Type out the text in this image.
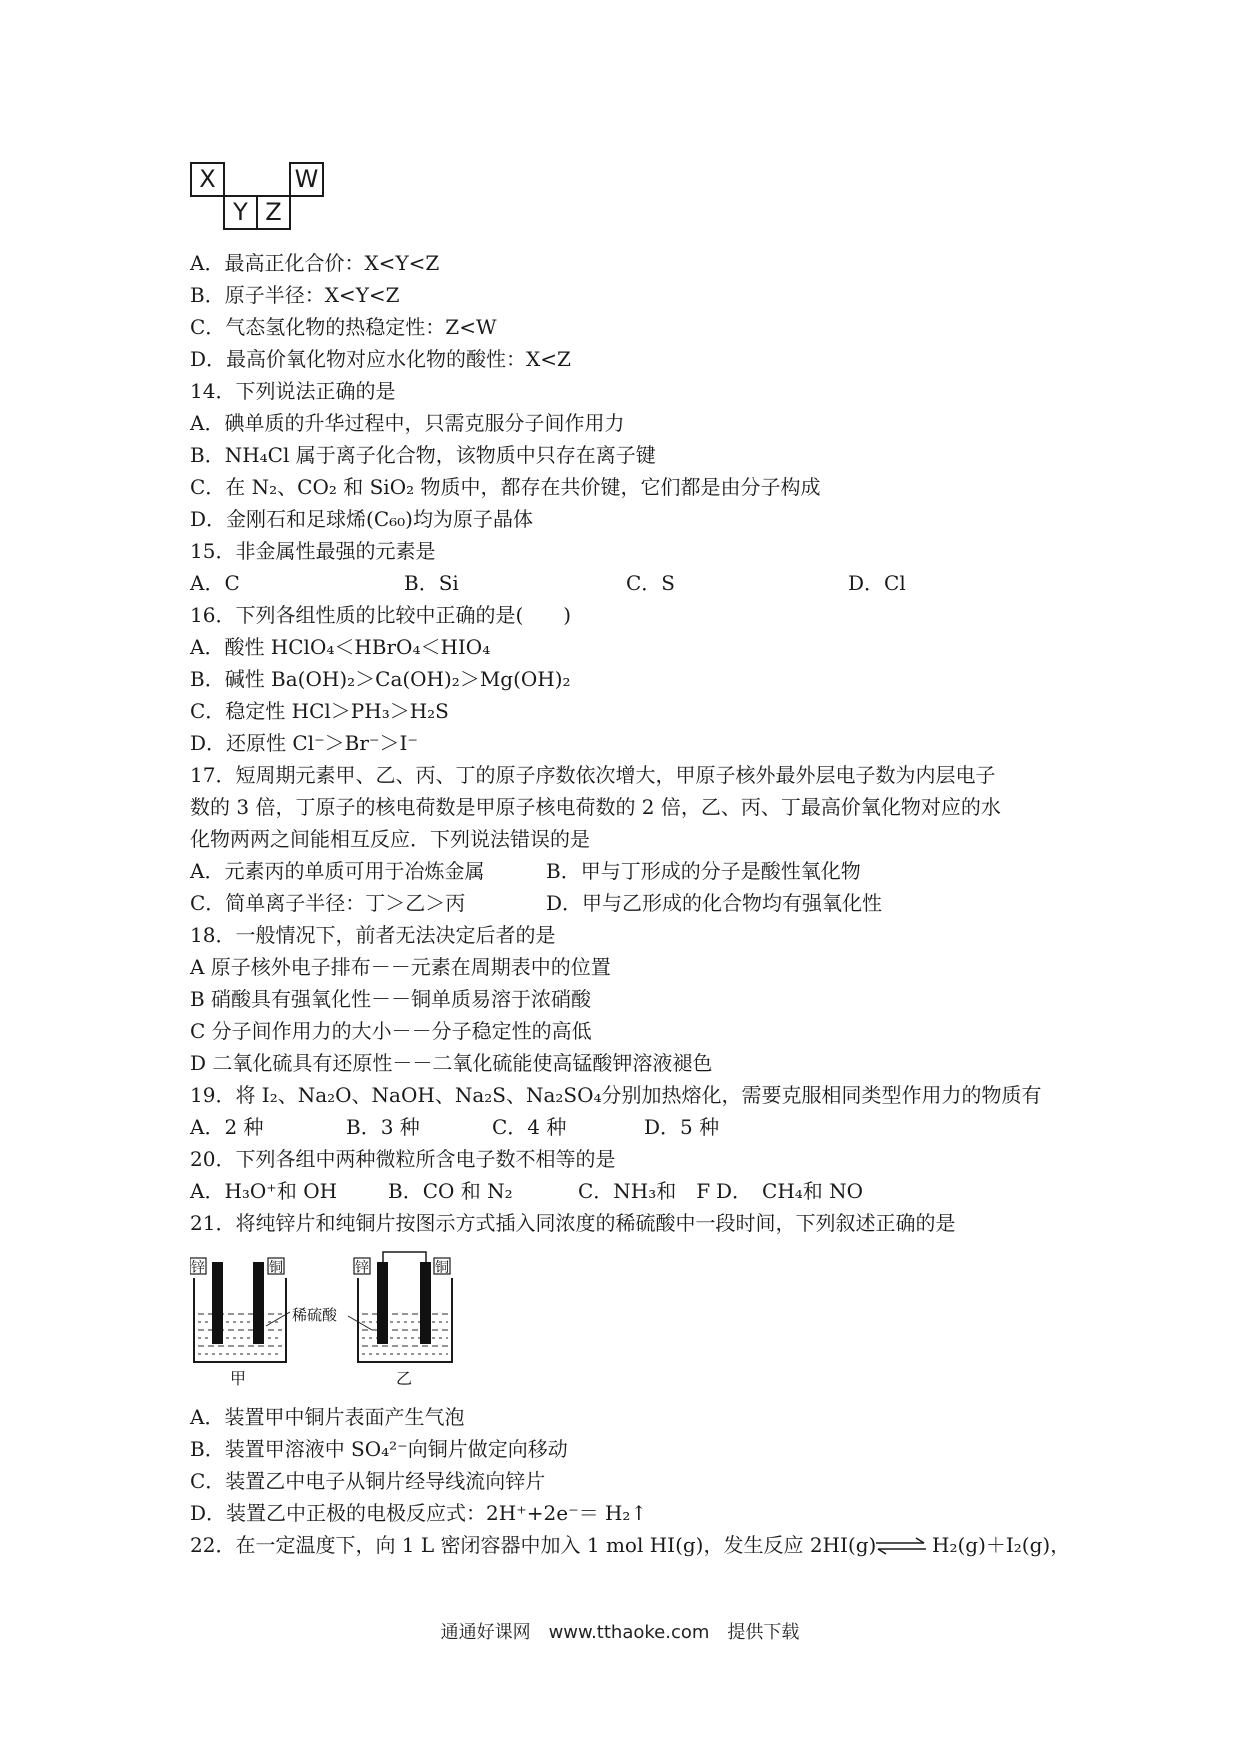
X
Y Z
W
A．最高正化合价：X<Y<Z
B．原子半径：X<Y<Z
C．气态氢化物的热稳定性：Z<W
D．最高价氧化物对应水化物的酸性：X<Z
14．下列说法正确的是
A．碘单质的升华过程中，只需克服分子间作用力
B．NH₄Cl 属于离子化合物，该物质中只存在离子键
C．在 N₂、CO₂ 和 SiO₂ 物质中，都存在共价键，它们都是由分子构成
D．金刚石和足球烯(C₆₀)均为原子晶体
15．非金属性最强的元素是
A．C	B．Si	C．S	D．Cl
16．下列各组性质的比较中正确的是(　　)
A．酸性 HClO₄＜HBrO₄＜HIO₄
B．碱性 Ba(OH)₂＞Ca(OH)₂＞Mg(OH)₂
C．稳定性 HCl＞PH₃＞H₂S
D．还原性 Cl⁻＞Br⁻＞I⁻
17．短周期元素甲、乙、丙、丁的原子序数依次增大，甲原子核外最外层电子数为内层电子
数的 3 倍，丁原子的核电荷数是甲原子核电荷数的 2 倍，乙、丙、丁最高价氧化物对应的水
化物两两之间能相互反应．下列说法错误的是
A．元素丙的单质可用于冶炼金属	B．甲与丁形成的分子是酸性氧化物
C．简单离子半径：丁＞乙＞丙	D．甲与乙形成的化合物均有强氧化性
18．一般情况下，前者无法决定后者的是
A 原子核外电子排布－－元素在周期表中的位置
B 硝酸具有强氧化性－－铜单质易溶于浓硝酸
C 分子间作用力的大小－－分子稳定性的高低
D 二氧化硫具有还原性－－二氧化硫能使高锰酸钾溶液褪色
19．将 I₂、Na₂O、NaOH、Na₂S、Na₂SO₄分别加热熔化，需要克服相同类型作用力的物质有
A．2 种	B．3 种	C．4 种	D．5 种
20．下列各组中两种微粒所含电子数不相等的是
A．H₃O⁺和 OH	B．CO 和 N₂	C．NH₃和　F D．　CH₄和 NO
21．将纯锌片和纯铜片按图示方式插入同浓度的稀硫酸中一段时间，下列叙述正确的是
锌	铜
甲
锌	铜
乙
稀硫酸
A．装置甲中铜片表面产生气泡
B．装置甲溶液中 SO₄²⁻向铜片做定向移动
C．装置乙中电子从铜片经导线流向锌片
D．装置乙中正极的电极反应式：2H⁺+2e⁻＝ H₂↑
22．在一定温度下，向 1 L 密闭容器中加入 1 mol HI(g)，发生反应 2HI(g) ⇌ H₂(g)＋I₂(g)，
通通好课网　www.tthaoke.com　提供下载
